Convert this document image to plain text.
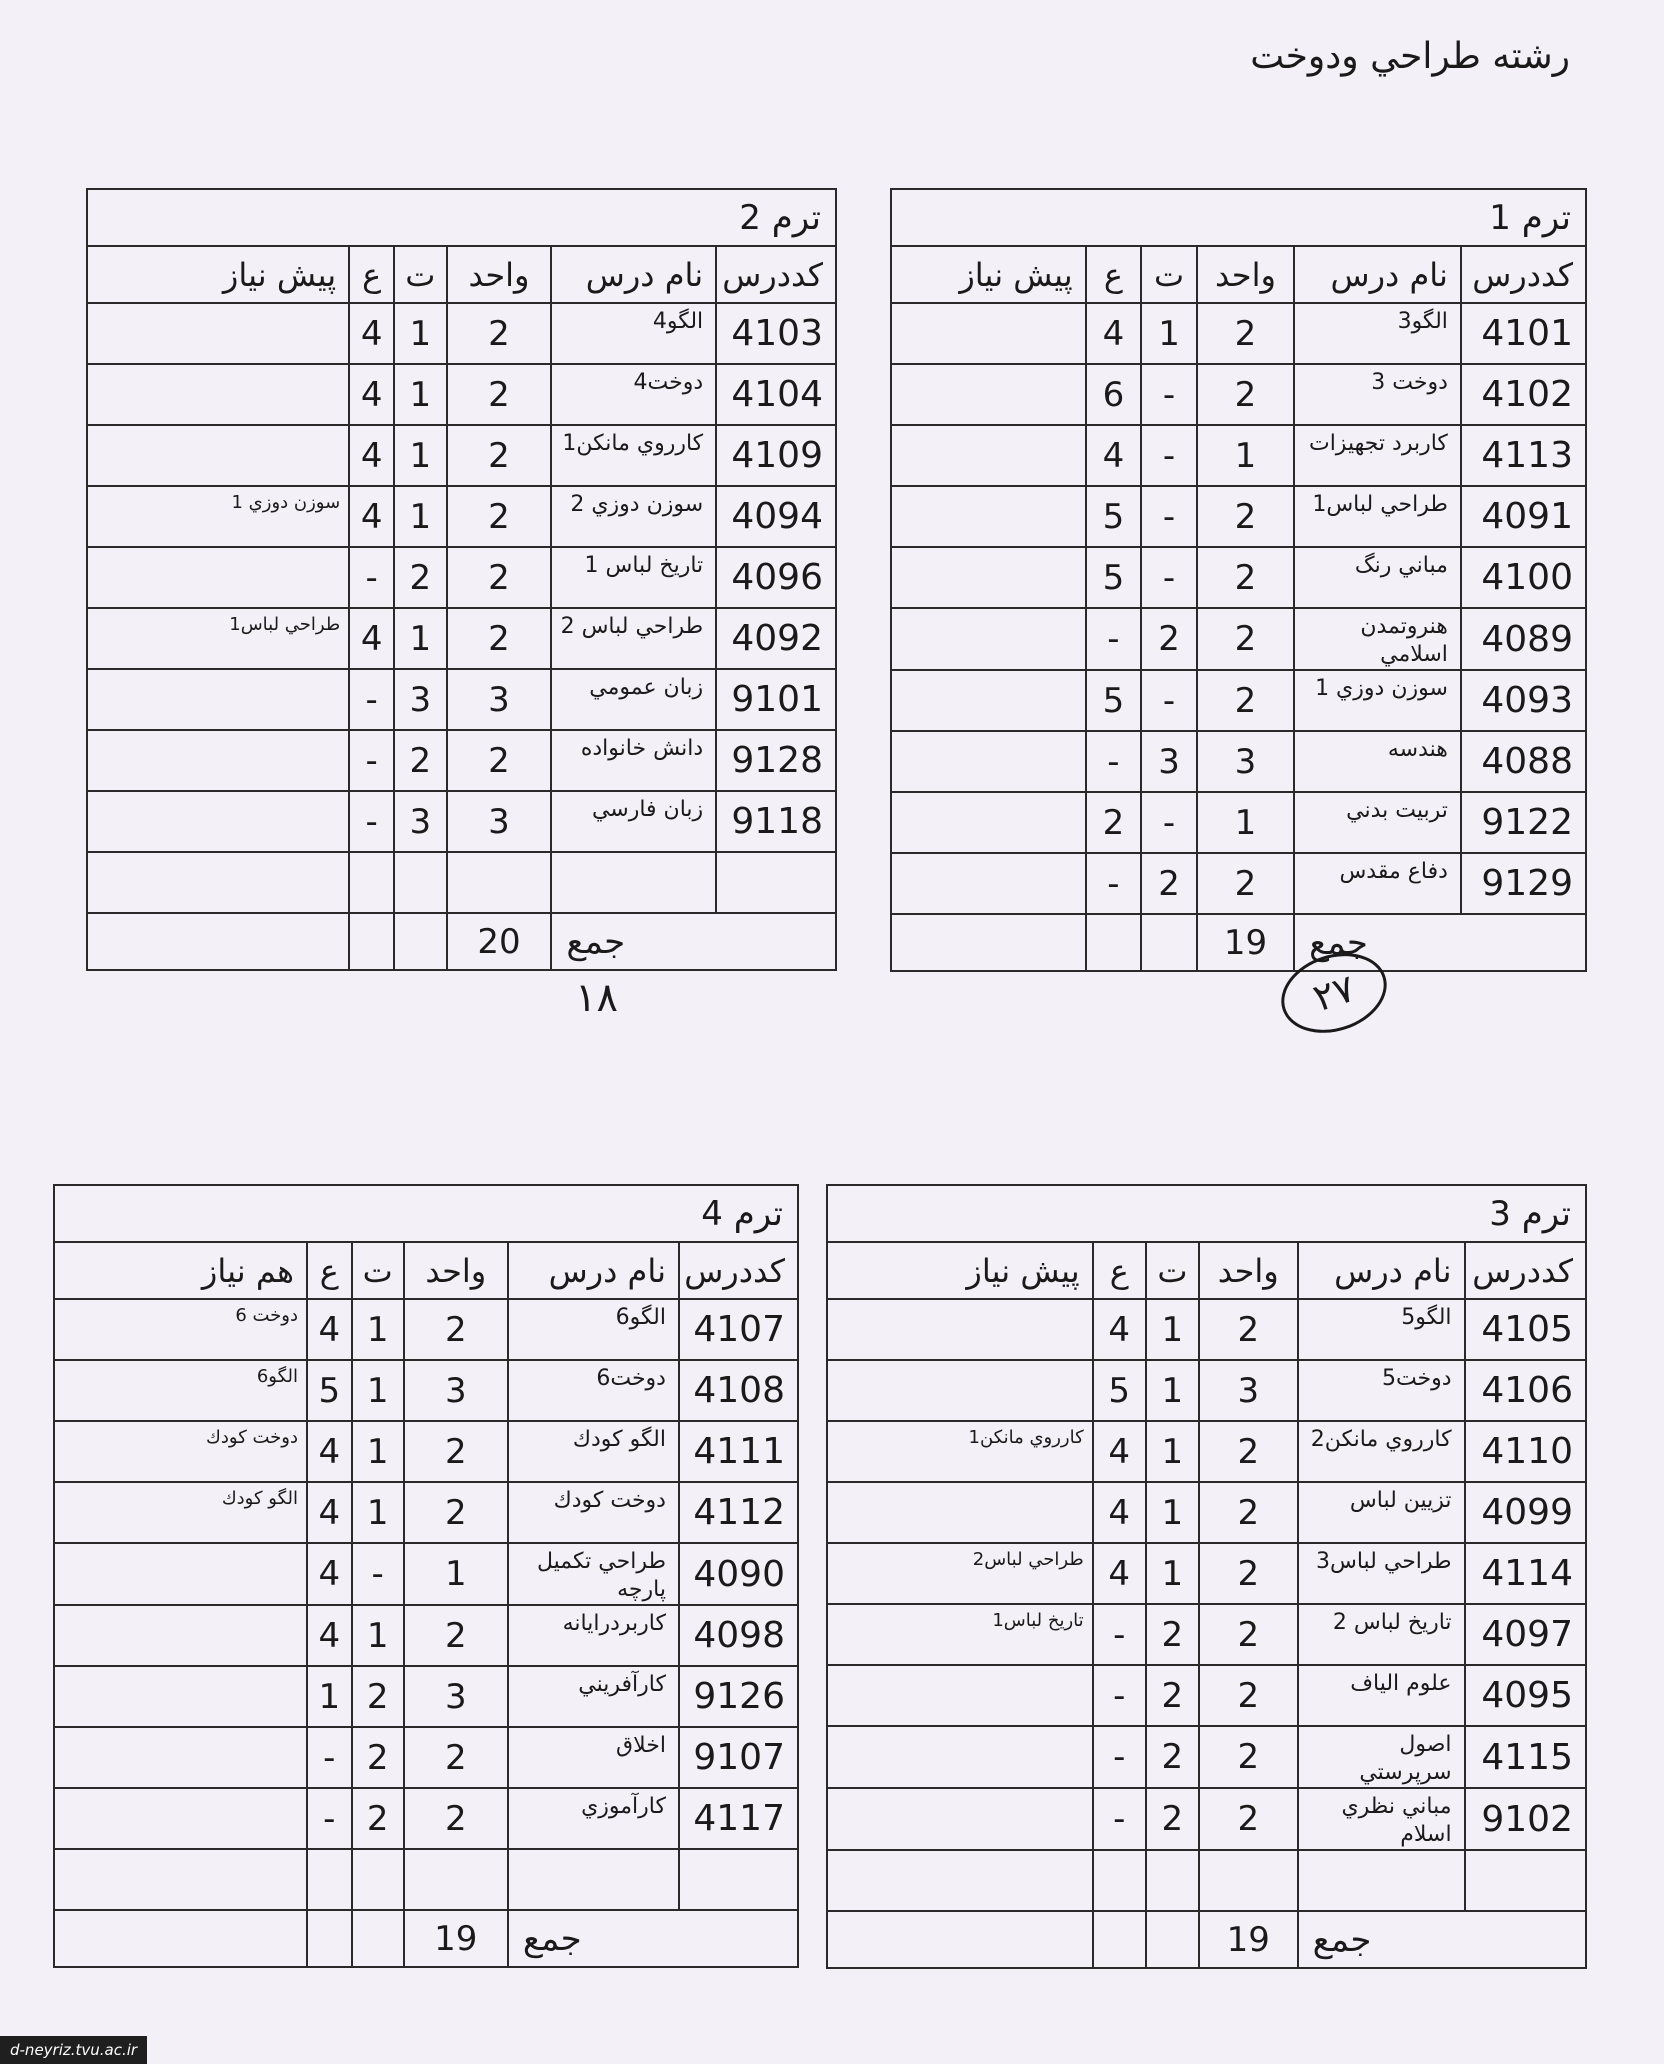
رشته طراحي ودوخت
ترم 1					
كددرس	نام درس	واحد	ت	ع	پيش نياز
4101	الگو3	2	1	4	
4102	دوخت 3	2	-	6	
4113	كاربرد تجهيزات	1	-	4	
4091	طراحي لباس1	2	-	5	
4100	مباني رنگ	2	-	5	
4089	هنروتمدن اسلامي	2	2	-	
4093	سوزن دوزي 1	2	-	5	
4088	هندسه	3	3	-	
9122	تربيت بدني	1	-	2	
9129	دفاع مقدس	2	2	-	
جمع		19			
ترم 2					
كددرس	نام درس	واحد	ت	ع	پيش نياز
4103	الگو4	2	1	4	
4104	دوخت4	2	1	4	
4109	كارروي مانكن1	2	1	4	
4094	سوزن دوزي 2	2	1	4	سوزن دوزي 1
4096	تاريخ لباس 1	2	2	-	
4092	طراحي لباس 2	2	1	4	طراحي لباس1
9101	زبان عمومي	3	3	-	
9128	دانش خانواده	2	2	-	
9118	زبان فارسي	3	3	-	

جمع		20			
ترم 3					
كددرس	نام درس	واحد	ت	ع	پيش نياز
4105	الگو5	2	1	4	
4106	دوخت5	3	1	5	
4110	كارروي مانكن2	2	1	4	كارروي مانكن1
4099	تزيين لباس	2	1	4	
4114	طراحي لباس3	2	1	4	طراحي لباس2
4097	تاريخ لباس 2	2	2	-	تاريخ لباس1
4095	علوم الياف	2	2	-	
4115	اصول سرپرستي	2	2	-	
9102	مباني نظري اسلام	2	2	-	

جمع		19			
ترم 4					
كددرس	نام درس	واحد	ت	ع	هم نياز
4107	الگو6	2	1	4	دوخت 6
4108	دوخت6	3	1	5	الگو6
4111	الگو كودك	2	1	4	دوخت كودك
4112	دوخت كودك	2	1	4	الگو كودك
4090	طراحي تكميل پارچه	1	-	4	
4098	كاربردرايانه	2	1	4	
9126	كارآفريني	3	2	1	
9107	اخلاق	2	2	-	
4117	كارآموزي	2	2	-	

جمع		19			
۲۷
۱۸
d-neyriz.tvu.ac.ir
